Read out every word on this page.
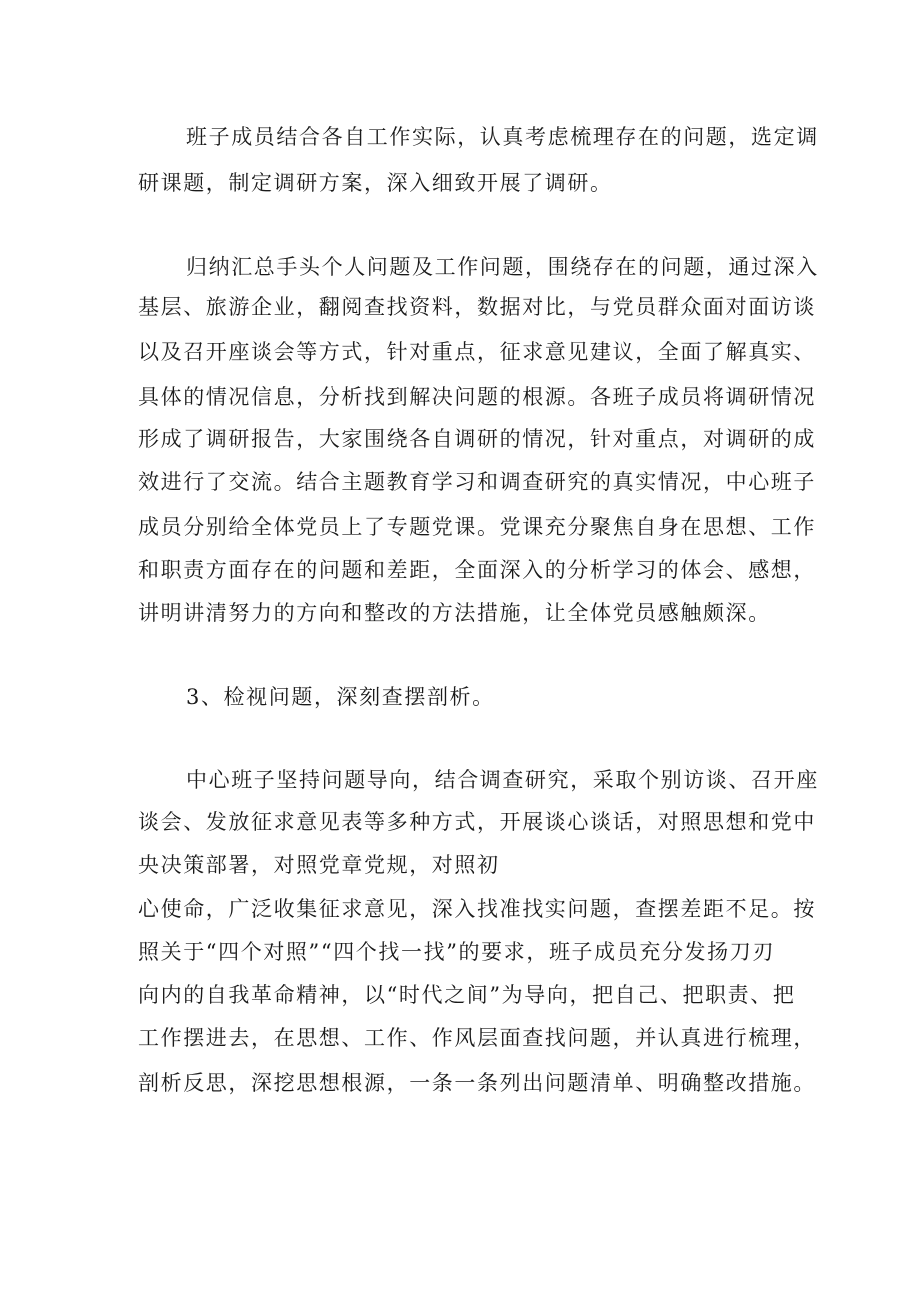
班子成员结合各自工作实际，认真考虑梳理存在的问题，选定调
研课题，制定调研方案，深入细致开展了调研。
归纳汇总手头个人问题及工作问题，围绕存在的问题，通过深入
基层、旅游企业，翻阅查找资料，数据对比，与党员群众面对面访谈
以及召开座谈会等方式，针对重点，征求意见建议，全面了解真实、
具体的情况信息，分析找到解决问题的根源。各班子成员将调研情况
形成了调研报告，大家围绕各自调研的情况，针对重点，对调研的成
效进行了交流。结合主题教育学习和调查研究的真实情况，中心班子
成员分别给全体党员上了专题党课。党课充分聚焦自身在思想、工作
和职责方面存在的问题和差距，全面深入的分析学习的体会、感想，
讲明讲清努力的方向和整改的方法措施，让全体党员感触颇深。
3、检视问题，深刻查摆剖析。
中心班子坚持问题导向，结合调查研究，采取个别访谈、召开座
谈会、发放征求意见表等多种方式，开展谈心谈话，对照思想和党中
央决策部署，对照党章党规，对照初
心使命，广泛收集征求意见，深入找准找实问题，查摆差距不足。按
照关于“四个对照”“四个找一找”的要求，班子成员充分发扬刀刃
向内的自我革命精神，以“时代之间”为导向，把自己、把职责、把
工作摆进去，在思想、工作、作风层面查找问题，并认真进行梳理，
剖析反思，深挖思想根源，一条一条列出问题清单、明确整改措施。
